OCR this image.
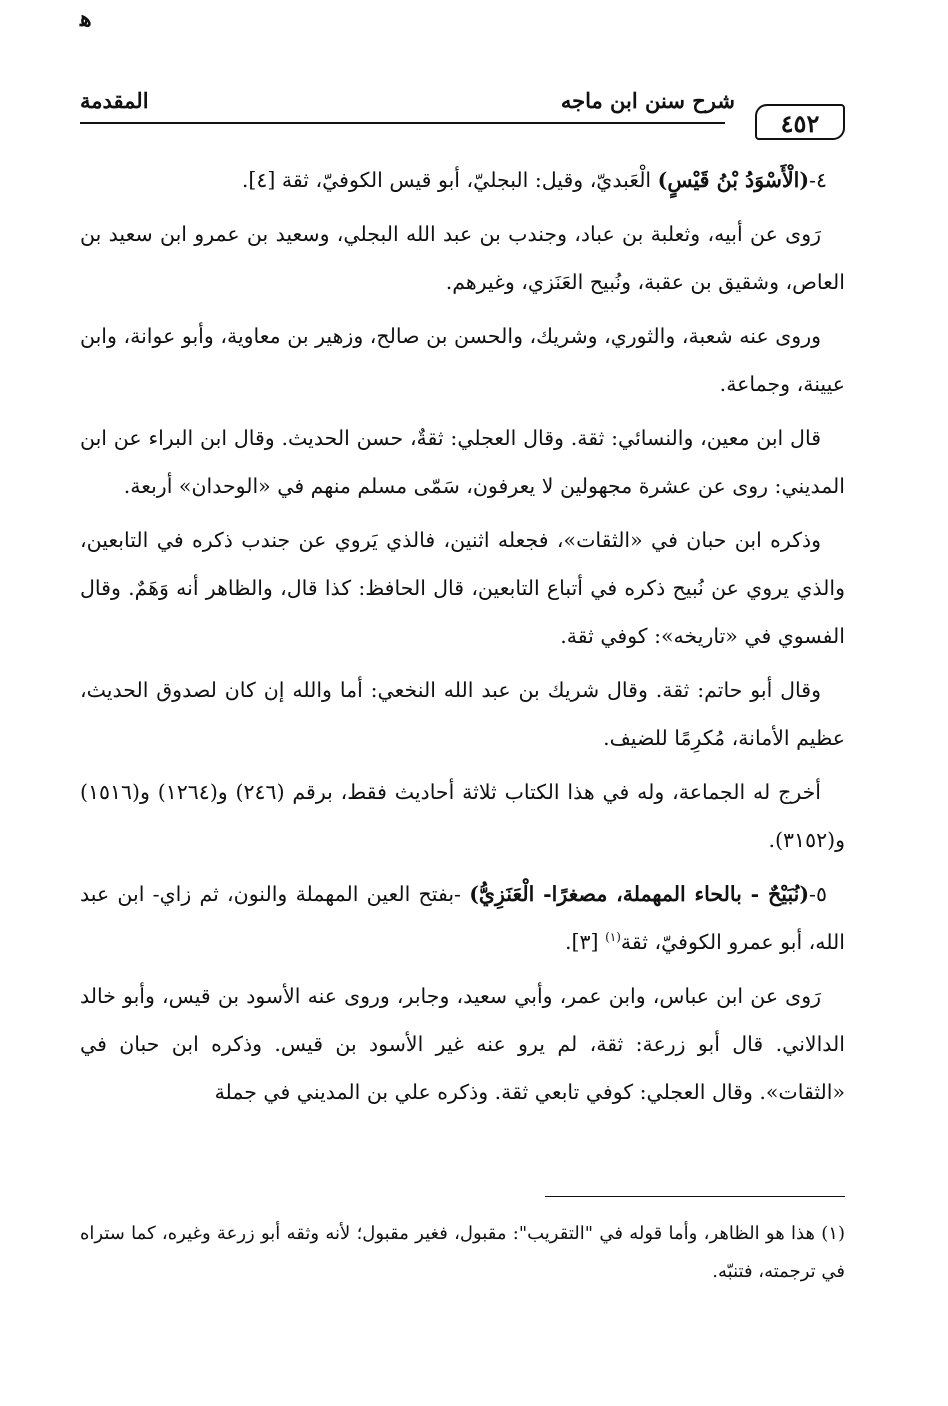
ﻫ
٤٥٢
شرح سنن ابن ماجه
المقدمة

٤-(الْأَسْوَدُ بْنُ قَيْسٍ) الْعَبديّ، وقيل: البجليّ، أبو قيس الكوفيّ، ثقة [٤].

رَوى عن أبيه، وثعلبة بن عباد، وجندب بن عبد الله البجلي، وسعيد بن عمرو ابن سعيد بن العاص، وشقيق بن عقبة، ونُبيح العَنَزي، وغيرهم.

وروى عنه شعبة، والثوري، وشريك، والحسن بن صالح، وزهير بن معاوية، وأبو عوانة، وابن عيينة، وجماعة.

قال ابن معين، والنسائي: ثقة. وقال العجلي: ثقةٌ، حسن الحديث. وقال ابن البراء عن ابن المديني: روى عن عشرة مجهولين لا يعرفون، سَمّى مسلم منهم في «الوحدان» أربعة.

وذكره ابن حبان في «الثقات»، فجعله اثنين، فالذي يَروي عن جندب ذكره في التابعين، والذي يروي عن نُبيح ذكره في أتباع التابعين، قال الحافظ: كذا قال، والظاهر أنه وَهَمٌ. وقال الفسوي في «تاريخه»: كوفي ثقة.

وقال أبو حاتم: ثقة. وقال شريك بن عبد الله النخعي: أما والله إن كان لصدوق الحديث، عظيم الأمانة، مُكرِمًا للضيف.

أخرج له الجماعة، وله في هذا الكتاب ثلاثة أحاديث فقط، برقم (٢٤٦) و(١٢٦٤) و(١٥١٦) و(٣١٥٢).

٥-(نُبَيْحٌ - بالحاء المهملة، مصغرًا- الْعَنَزِيُّ) -بفتح العين المهملة والنون، ثم زاي- ابن عبد الله، أبو عمرو الكوفيّ، ثقة$^{(١)}$ [٣].

رَوى عن ابن عباس، وابن عمر، وأبي سعيد، وجابر، وروى عنه الأسود بن قيس، وأبو خالد الدالاني. قال أبو زرعة: ثقة، لم يرو عنه غير الأسود بن قيس. وذكره ابن حبان في «الثقات». وقال العجلي: كوفي تابعي ثقة. وذكره علي بن المديني في جملة

(١) هذا هو الظاهر، وأما قوله في "التقريب": مقبول، فغير مقبول؛ لأنه وثقه أبو زرعة وغيره، كما ستراه في ترجمته، فتنبّه.
